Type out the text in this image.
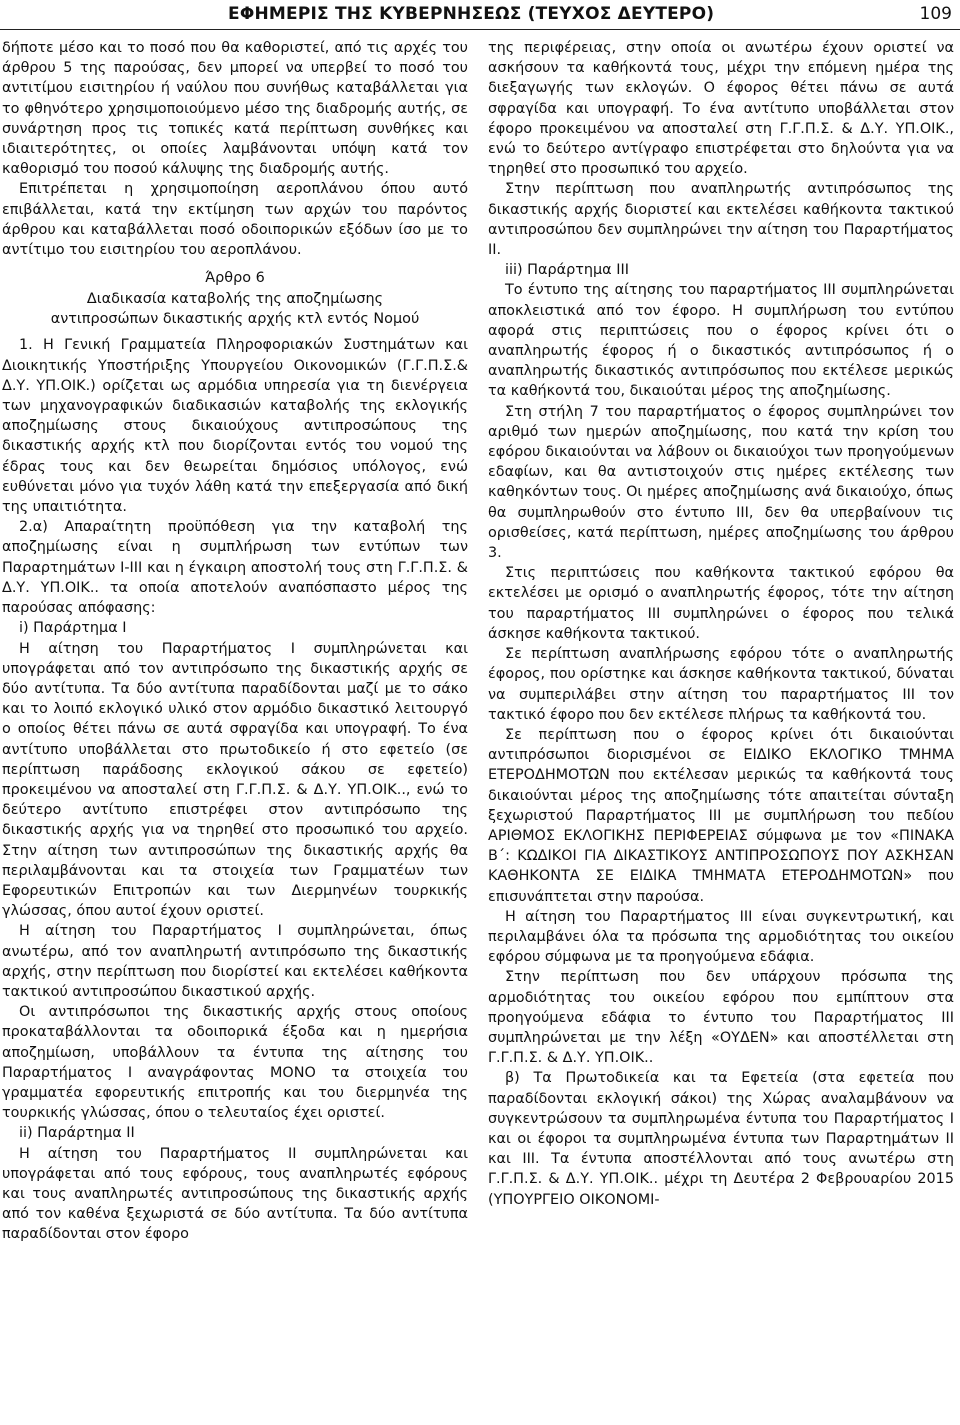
ΕΦΗΜΕΡΙΣ ΤΗΣ ΚΥΒΕΡΝΗΣΕΩΣ (ΤΕΥΧΟΣ ΔΕΥΤΕΡΟ)	109

δήποτε μέσο και το ποσό που θα καθοριστεί, από τις αρχές του άρθρου 5 της παρούσας, δεν μπορεί να υπερβεί το ποσό του αντιτίμου εισιτηρίου ή ναύλου που συνήθως καταβάλλεται για το φθηνότερο χρησιμοποιούμενο μέσο της διαδρομής αυτής, σε συνάρτηση προς τις τοπικές κατά περίπτωση συνθήκες και ιδιαιτερότητες, οι οποίες λαμβάνονται υπόψη κατά τον καθορισμό του ποσού κάλυψης της διαδρομής αυτής.

Επιτρέπεται η χρησιμοποίηση αεροπλάνου όπου αυτό επιβάλλεται, κατά την εκτίμηση των αρχών του παρόντος άρθρου και καταβάλλεται ποσό οδοιπορικών εξόδων ίσο με το αντίτιμο του εισιτηρίου του αεροπλάνου.

Άρθρο 6
Διαδικασία καταβολής της αποζημίωσης
αντιπροσώπων δικαστικής αρχής κτλ εντός Νομού

1. Η Γενική Γραμματεία Πληροφοριακών Συστημάτων και Διοικητικής Υποστήριξης Υπουργείου Οικονομικών (Γ.Γ.Π.Σ.& Δ.Υ. ΥΠ.ΟΙΚ.) ορίζεται ως αρμόδια υπηρεσία για τη διενέργεια των μηχανογραφικών διαδικασιών καταβολής της εκλογικής αποζημίωσης στους δικαιούχους αντιπροσώπους της δικαστικής αρχής κτλ που διορίζονται εντός του νομού της έδρας τους και δεν θεωρείται δημόσιος υπόλογος, ενώ ευθύνεται μόνο για τυχόν λάθη κατά την επεξεργασία από δική της υπαιτιότητα.

2.α) Απαραίτητη προϋπόθεση για την καταβολή της αποζημίωσης είναι η συμπλήρωση των εντύπων των Παραρτημάτων I-III και η έγκαιρη αποστολή τους στη Γ.Γ.Π.Σ. & Δ.Υ. ΥΠ.ΟΙΚ.. τα οποία αποτελούν αναπόσπαστο μέρος της παρούσας απόφασης:

i) Παράρτημα I

Η αίτηση του Παραρτήματος I συμπληρώνεται και υπογράφεται από τον αντιπρόσωπο της δικαστικής αρχής σε δύο αντίτυπα. Τα δύο αντίτυπα παραδίδονται μαζί με το σάκο και το λοιπό εκλογικό υλικό στον αρμόδιο δικαστικό λειτουργό ο οποίος θέτει πάνω σε αυτά σφραγίδα και υπογραφή. Το ένα αντίτυπο υποβάλλεται στο πρωτοδικείο ή στο εφετείο (σε περίπτωση παράδοσης εκλογικού σάκου σε εφετείο) προκειμένου να αποσταλεί στη Γ.Γ.Π.Σ. & Δ.Υ. ΥΠ.ΟΙΚ.., ενώ το δεύτερο αντίτυπο επιστρέφει στον αντιπρόσωπο της δικαστικής αρχής για να τηρηθεί στο προσωπικό του αρχείο. Στην αίτηση των αντιπροσώπων της δικαστικής αρχής θα περιλαμβάνονται και τα στοιχεία των Γραμματέων των Εφορευτικών Επιτροπών και των Διερμηνέων τουρκικής γλώσσας, όπου αυτοί έχουν οριστεί.

Η αίτηση του Παραρτήματος I συμπληρώνεται, όπως ανωτέρω, από τον αναπληρωτή αντιπρόσωπο της δικαστικής αρχής, στην περίπτωση που διορίστεί και εκτελέσει καθήκοντα τακτικού αντιπροσώπου δικαστικού αρχής.

Οι αντιπρόσωποι της δικαστικής αρχής στους οποίους προκαταβάλλονται τα οδοιπορικά έξοδα και η ημερήσια αποζημίωση, υποβάλλουν τα έντυπα της αίτησης του Παραρτήματος I αναγράφοντας ΜΟΝΟ τα στοιχεία του γραμματέα εφορευτικής επιτροπής και του διερμηνέα της τουρκικής γλώσσας, όπου ο τελευταίος έχει οριστεί.

ii) Παράρτημα II

Η αίτηση του Παραρτήματος II συμπληρώνεται και υπογράφεται από τους εφόρους, τους αναπληρωτές εφόρους και τους αναπληρωτές αντιπροσώπους της δικαστικής αρχής από τον καθένα ξεχωριστά σε δύο αντίτυπα. Τα δύο αντίτυπα παραδίδονται στον έφορο

της περιφέρειας, στην οποία οι ανωτέρω έχουν οριστεί να ασκήσουν τα καθήκοντά τους, μέχρι την επόμενη ημέρα της διεξαγωγής των εκλογών. Ο έφορος θέτει πάνω σε αυτά σφραγίδα και υπογραφή. Το ένα αντίτυπο υποβάλλεται στον έφορο προκειμένου να αποσταλεί στη Γ.Γ.Π.Σ. & Δ.Υ. ΥΠ.ΟΙΚ., ενώ το δεύτερο αντίγραφο επιστρέφεται στο δηλούντα για να τηρηθεί στο προσωπικό του αρχείο.

Στην περίπτωση που αναπληρωτής αντιπρόσωπος της δικαστικής αρχής διοριστεί και εκτελέσει καθήκοντα τακτικού αντιπροσώπου δεν συμπληρώνει την αίτηση του Παραρτήματος II.

iii) Παράρτημα III

Το έντυπο της αίτησης του παραρτήματος III συμπληρώνεται αποκλειστικά από τον έφορο. Η συμπλήρωση του εντύπου αφορά στις περιπτώσεις που ο έφορος κρίνει ότι ο αναπληρωτής έφορος ή ο δικαστικός αντιπρόσωπος ή ο αναπληρωτής δικαστικός αντιπρόσωπος που εκτέλεσε μερικώς τα καθήκοντά του, δικαιούται μέρος της αποζημίωσης.

Στη στήλη 7 του παραρτήματος ο έφορος συμπληρώνει τον αριθμό των ημερών αποζημίωσης, που κατά την κρίση του εφόρου δικαιούνται να λάβουν οι δικαιούχοι των προηγούμενων εδαφίων, και θα αντιστοιχούν στις ημέρες εκτέλεσης των καθηκόντων τους. Οι ημέρες αποζημίωσης ανά δικαιούχο, όπως θα συμπληρωθούν στο έντυπο III, δεν θα υπερβαίνουν τις ορισθείσες, κατά περίπτωση, ημέρες αποζημίωσης του άρθρου 3.

Στις περιπτώσεις που καθήκοντα τακτικού εφόρου θα εκτελέσει με ορισμό ο αναπληρωτής έφορος, τότε την αίτηση του παραρτήματος III συμπληρώνει ο έφορος που τελικά άσκησε καθήκοντα τακτικού.

Σε περίπτωση αναπλήρωσης εφόρου τότε ο αναπληρωτής έφορος, που ορίστηκε και άσκησε καθήκοντα τακτικού, δύναται να συμπεριλάβει στην αίτηση του παραρτήματος III τον τακτικό έφορο που δεν εκτέλεσε πλήρως τα καθήκοντά του.

Σε περίπτωση που ο έφορος κρίνει ότι δικαιούνται αντιπρόσωποι διορισμένοι σε ΕΙΔΙΚΟ ΕΚΛΟΓΙΚΟ ΤΜΗΜΑ ΕΤΕΡΟΔΗΜΟΤΩΝ που εκτέλεσαν μερικώς τα καθήκοντά τους δικαιούνται μέρος της αποζημίωσης τότε απαιτείται σύνταξη ξεχωριστού Παραρτήματος III με συμπλήρωση του πεδίου ΑΡΙΘΜΟΣ ΕΚΛΟΓΙΚΗΣ ΠΕΡΙΦΕΡΕΙΑΣ σύμφωνα με τον «ΠΙΝΑΚΑ Β΄: ΚΩΔΙΚΟΙ ΓΙΑ ΔΙΚΑΣΤΙΚΟΥΣ ΑΝΤΙΠΡΟΣΩΠΟΥΣ ΠΟΥ ΑΣΚΗΣΑΝ ΚΑΘΗΚΟΝΤΑ ΣΕ ΕΙΔΙΚΑ ΤΜΗΜΑΤΑ ΕΤΕΡΟΔΗΜΟΤΩΝ» που επισυνάπτεται στην παρούσα.

Η αίτηση του Παραρτήματος III είναι συγκεντρωτική, και περιλαμβάνει όλα τα πρόσωπα της αρμοδιότητας του οικείου εφόρου σύμφωνα με τα προηγούμενα εδάφια.

Στην περίπτωση που δεν υπάρχουν πρόσωπα της αρμοδιότητας του οικείου εφόρου που εμπίπτουν στα προηγούμενα εδάφια το έντυπο του Παραρτήματος III συμπληρώνεται με την λέξη «ΟΥΔΕΝ» και αποστέλλεται στη Γ.Γ.Π.Σ. & Δ.Υ. ΥΠ.ΟΙΚ..

β) Τα Πρωτοδικεία και τα Εφετεία (στα εφετεία που παραδίδονται εκλογική σάκοι) της Χώρας αναλαμβάνουν να συγκεντρώσουν τα συμπληρωμένα έντυπα του Παραρτήματος I και οι έφοροι τα συμπληρωμένα έντυπα των Παραρτημάτων II και III. Τα έντυπα αποστέλλονται από τους ανωτέρω στη Γ.Γ.Π.Σ. & Δ.Υ. ΥΠ.ΟΙΚ.. μέχρι τη Δευτέρα 2 Φεβρουαρίου 2015 (ΥΠΟΥΡΓΕΙΟ ΟΙΚΟΝΟΜΙ-
